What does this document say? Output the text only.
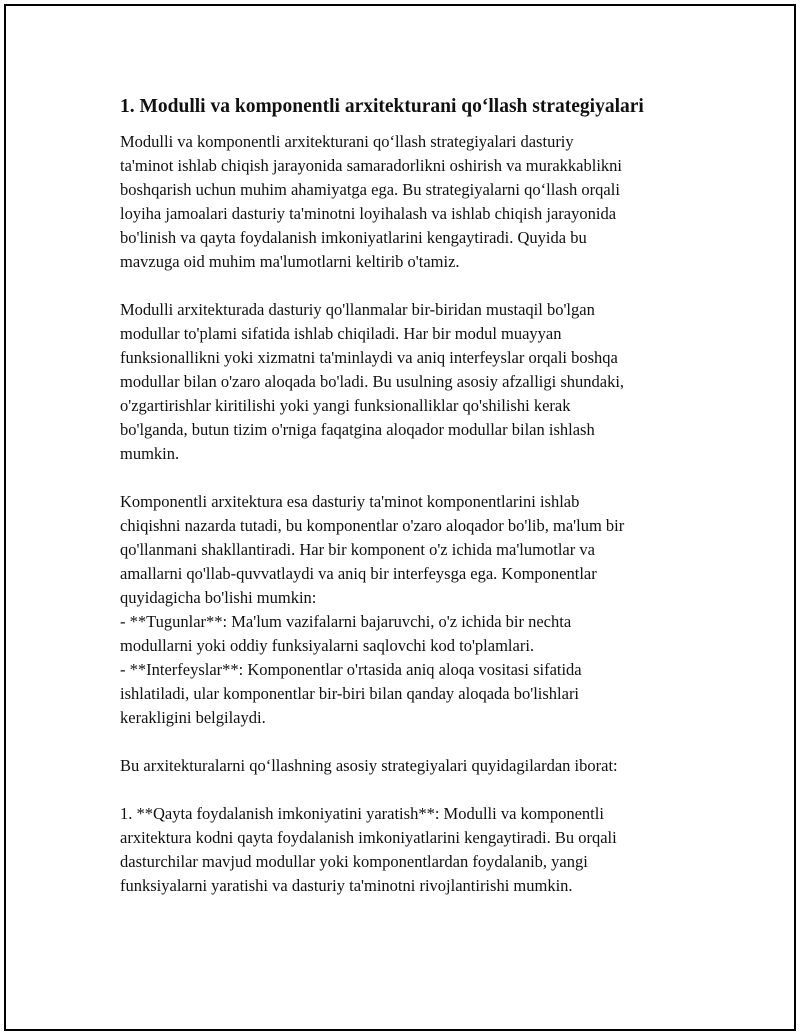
1. Modulli va komponentli arxitekturani qo‘llash strategiyalari

Modulli va komponentli arxitekturani qo‘llash strategiyalari dasturiy
ta'minot ishlab chiqish jarayonida samaradorlikni oshirish va murakkablikni
boshqarish uchun muhim ahamiyatga ega. Bu strategiyalarni qo‘llash orqali
loyiha jamoalari dasturiy ta'minotni loyihalash va ishlab chiqish jarayonida
bo'linish va qayta foydalanish imkoniyatlarini kengaytiradi. Quyida bu
mavzuga oid muhim ma'lumotlarni keltirib o'tamiz.

Modulli arxitekturada dasturiy qo'llanmalar bir-biridan mustaqil bo'lgan
modullar to'plami sifatida ishlab chiqiladi. Har bir modul muayyan
funksionallikni yoki xizmatni ta'minlaydi va aniq interfeyslar orqali boshqa
modullar bilan o'zaro aloqada bo'ladi. Bu usulning asosiy afzalligi shundaki,
o'zgartirishlar kiritilishi yoki yangi funksionalliklar qo'shilishi kerak
bo'lganda, butun tizim o'rniga faqatgina aloqador modullar bilan ishlash
mumkin.

Komponentli arxitektura esa dasturiy ta'minot komponentlarini ishlab
chiqishni nazarda tutadi, bu komponentlar o'zaro aloqador bo'lib, ma'lum bir
qo'llanmani shakllantiradi. Har bir komponent o'z ichida ma'lumotlar va
amallarni qo'llab-quvvatlaydi va aniq bir interfeysga ega. Komponentlar
quyidagicha bo'lishi mumkin:
- **Tugunlar**: Ma'lum vazifalarni bajaruvchi, o'z ichida bir nechta
modullarni yoki oddiy funksiyalarni saqlovchi kod to'plamlari.
- **Interfeyslar**: Komponentlar o'rtasida aniq aloqa vositasi sifatida
ishlatiladi, ular komponentlar bir-biri bilan qanday aloqada bo'lishlari
kerakligini belgilaydi.

Bu arxitekturalarni qo‘llashning asosiy strategiyalari quyidagilardan iborat:

1. **Qayta foydalanish imkoniyatini yaratish**: Modulli va komponentli
arxitektura kodni qayta foydalanish imkoniyatlarini kengaytiradi. Bu orqali
dasturchilar mavjud modullar yoki komponentlardan foydalanib, yangi
funksiyalarni yaratishi va dasturiy ta'minotni rivojlantirishi mumkin.
